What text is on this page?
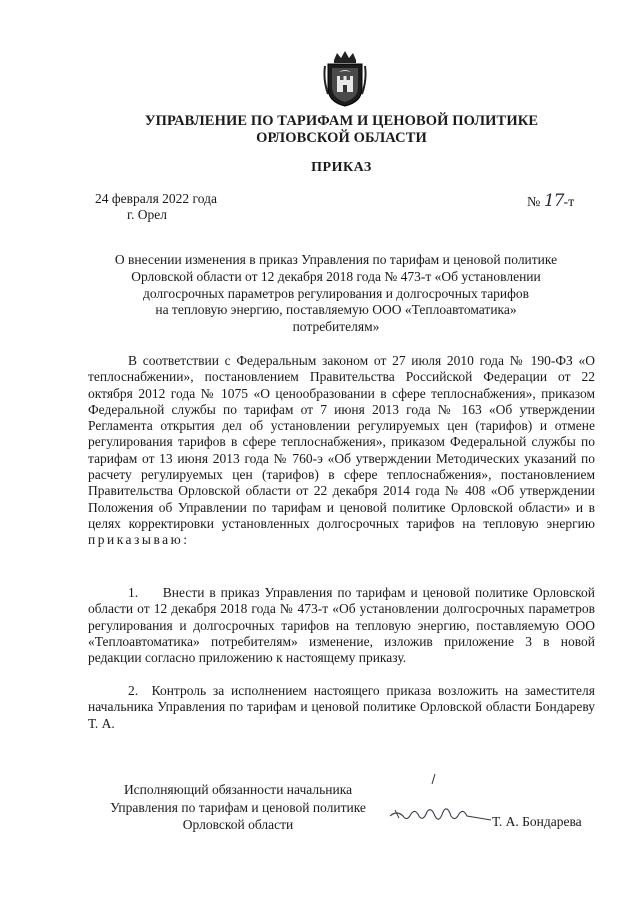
УПРАВЛЕНИЕ ПО ТАРИФАМ И ЦЕНОВОЙ ПОЛИТИКЕ
ОРЛОВСКОЙ ОБЛАСТИ
ПРИКАЗ
24 февраля 2022 года
г. Орел
№ 17-т
О внесении изменения в приказ Управления по тарифам и ценовой политике
Орловской области от 12 декабря 2018 года № 473-т «Об установлении
долгосрочных параметров регулирования и долгосрочных тарифов
на тепловую энергию, поставляемую ООО «Теплоавтоматика»
потребителям»
В соответствии с Федеральным законом от 27 июля 2010 года № 190-ФЗ «О теплоснабжении», постановлением Правительства Российской Федерации от 22 октября 2012 года № 1075 «О ценообразовании в сфере теплоснабжения», приказом Федеральной службы по тарифам от 7 июня 2013 года № 163 «Об утверждении Регламента открытия дел об установлении регулируемых цен (тарифов) и отмене регулирования тарифов в сфере теплоснабжения», приказом Федеральной службы по тарифам от 13 июня 2013 года № 760-э «Об утверждении Методических указаний по расчету регулируемых цен (тарифов) в сфере теплоснабжения», постановлением Правительства Орловской области от 22 декабря 2014 года № 408 «Об утверждении Положения об Управлении по тарифам и ценовой политике Орловской области» и в целях корректировки установленных долгосрочных тарифов на тепловую энергию приказываю:
1.     Внести в приказ Управления по тарифам и ценовой политике Орловской области от 12 декабря 2018 года № 473-т «Об установлении долгосрочных параметров регулирования и долгосрочных тарифов на тепловую энергию, поставляемую ООО «Теплоавтоматика» потребителям» изменение, изложив приложение 3 в новой редакции согласно приложению к настоящему приказу.
2.  Контроль за исполнением настоящего приказа возложить на заместителя начальника Управления по тарифам и ценовой политике Орловской области Бондареву Т. А.
Исполняющий обязанности начальника
Управления по тарифам и ценовой политике
Орловской области	Т. А. Бондарева
